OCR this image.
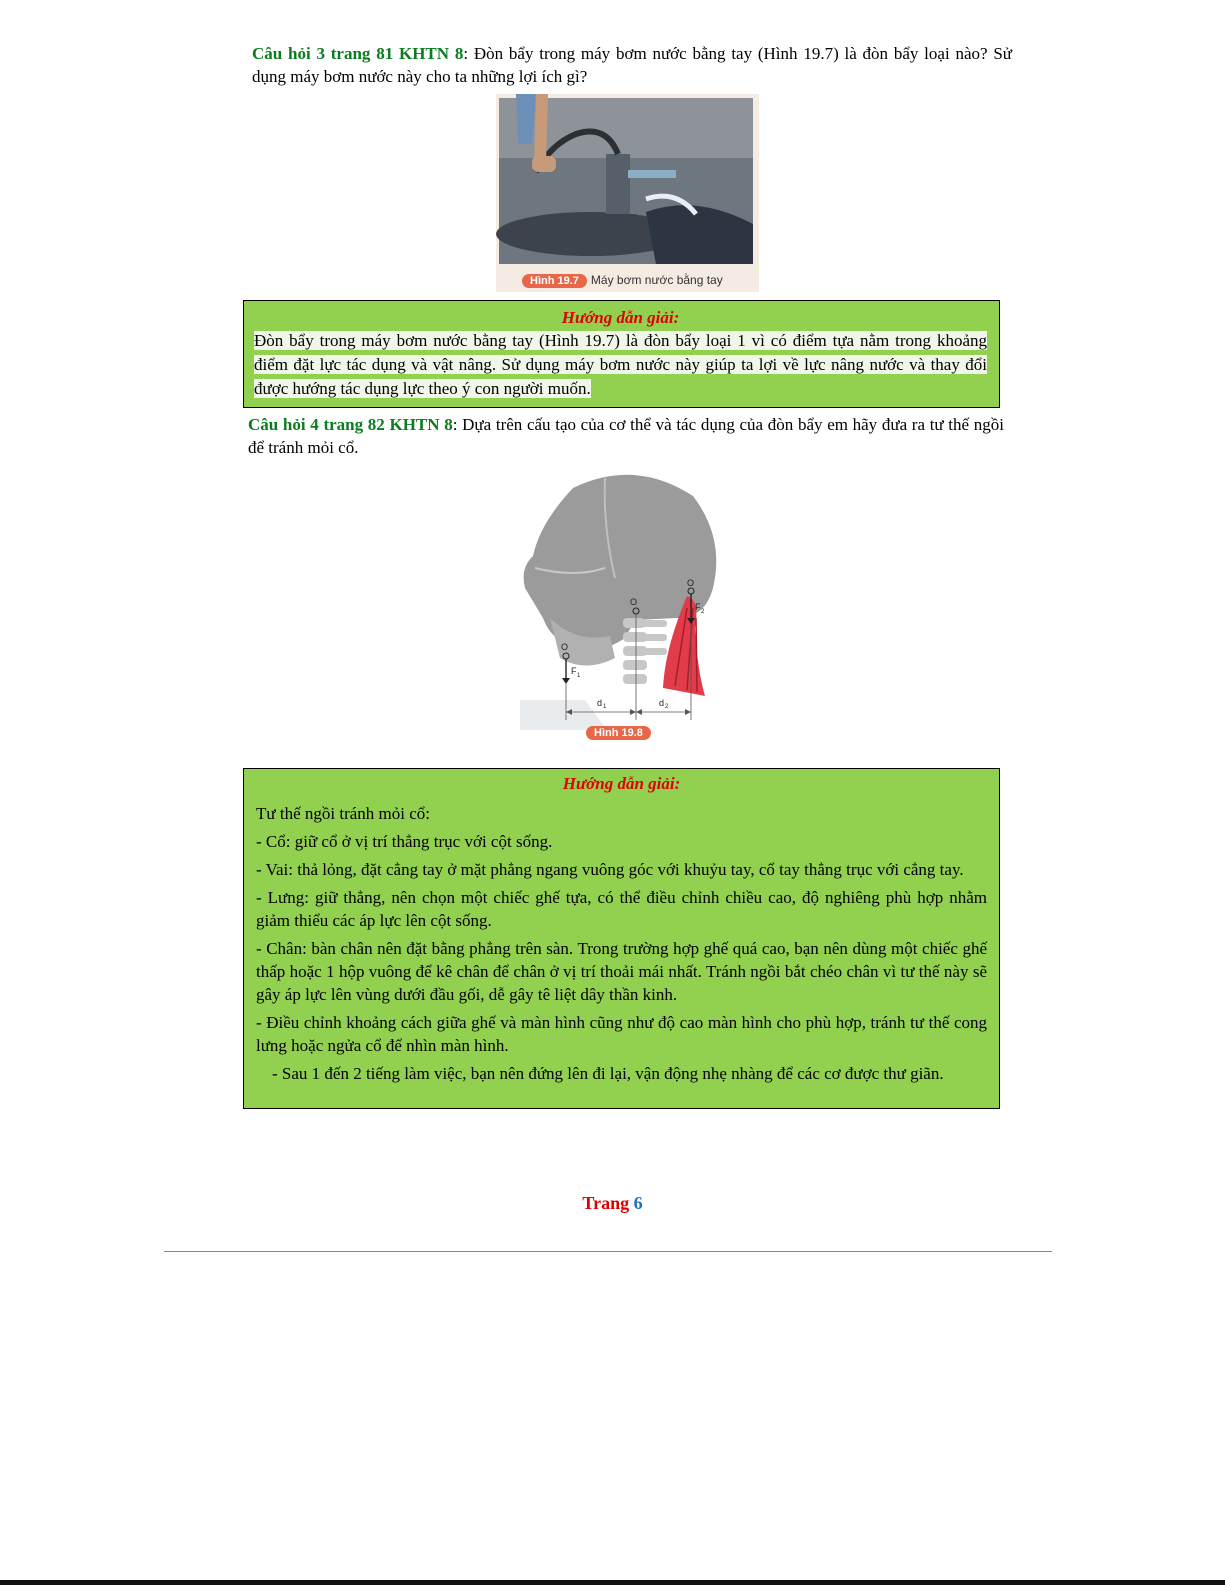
Câu hỏi 3 trang 81 KHTN 8: Đòn bẩy trong máy bơm nước bằng tay (Hình 19.7) là đòn bẩy loại nào? Sử dụng máy bơm nước này cho ta những lợi ích gì?
Hình 19.7 Máy bơm nước bằng tay
Hướng dẫn giải:

Đòn bẩy trong máy bơm nước bằng tay (Hình 19.7) là đòn bẩy loại 1 vì có điểm tựa nằm trong khoảng điểm đặt lực tác dụng và vật nâng. Sử dụng máy bơm nước này giúp ta lợi về lực nâng nước và thay đổi được hướng tác dụng lực theo ý con người muốn.

Câu hỏi 4 trang 82 KHTN 8: Dựa trên cấu tạo của cơ thể và tác dụng của đòn bẩy em hãy đưa ra tư thế ngồi để tránh mỏi cổ.
O
O
O
F 1
F 2
d 1	d 2
Hình 19.8
Hướng dẫn giải:

Tư thế ngồi tránh mỏi cổ:

- Cổ: giữ cổ ở vị trí thẳng trục với cột sống.

- Vai: thả lỏng, đặt cẳng tay ở mặt phẳng ngang vuông góc với khuỷu tay, cổ tay thẳng trục với cẳng tay.

- Lưng: giữ thẳng, nên chọn một chiếc ghế tựa, có thể điều chỉnh chiều cao, độ nghiêng phù hợp nhằm giảm thiểu các áp lực lên cột sống.

- Chân: bàn chân nên đặt bằng phẳng trên sàn. Trong trường hợp ghế quá cao, bạn nên dùng một chiếc ghế thấp hoặc 1 hộp vuông để kê chân để chân ở vị trí thoải mái nhất. Tránh ngồi bắt chéo chân vì tư thế này sẽ gây áp lực lên vùng dưới đầu gối, dễ gây tê liệt dây thần kinh.

- Điều chỉnh khoảng cách giữa ghế và màn hình cũng như độ cao màn hình cho phù hợp, tránh tư thế cong lưng hoặc ngửa cổ để nhìn màn hình.

- Sau 1 đến 2 tiếng làm việc, bạn nên đứng lên đi lại, vận động nhẹ nhàng để các cơ được thư giãn.

Trang 6
